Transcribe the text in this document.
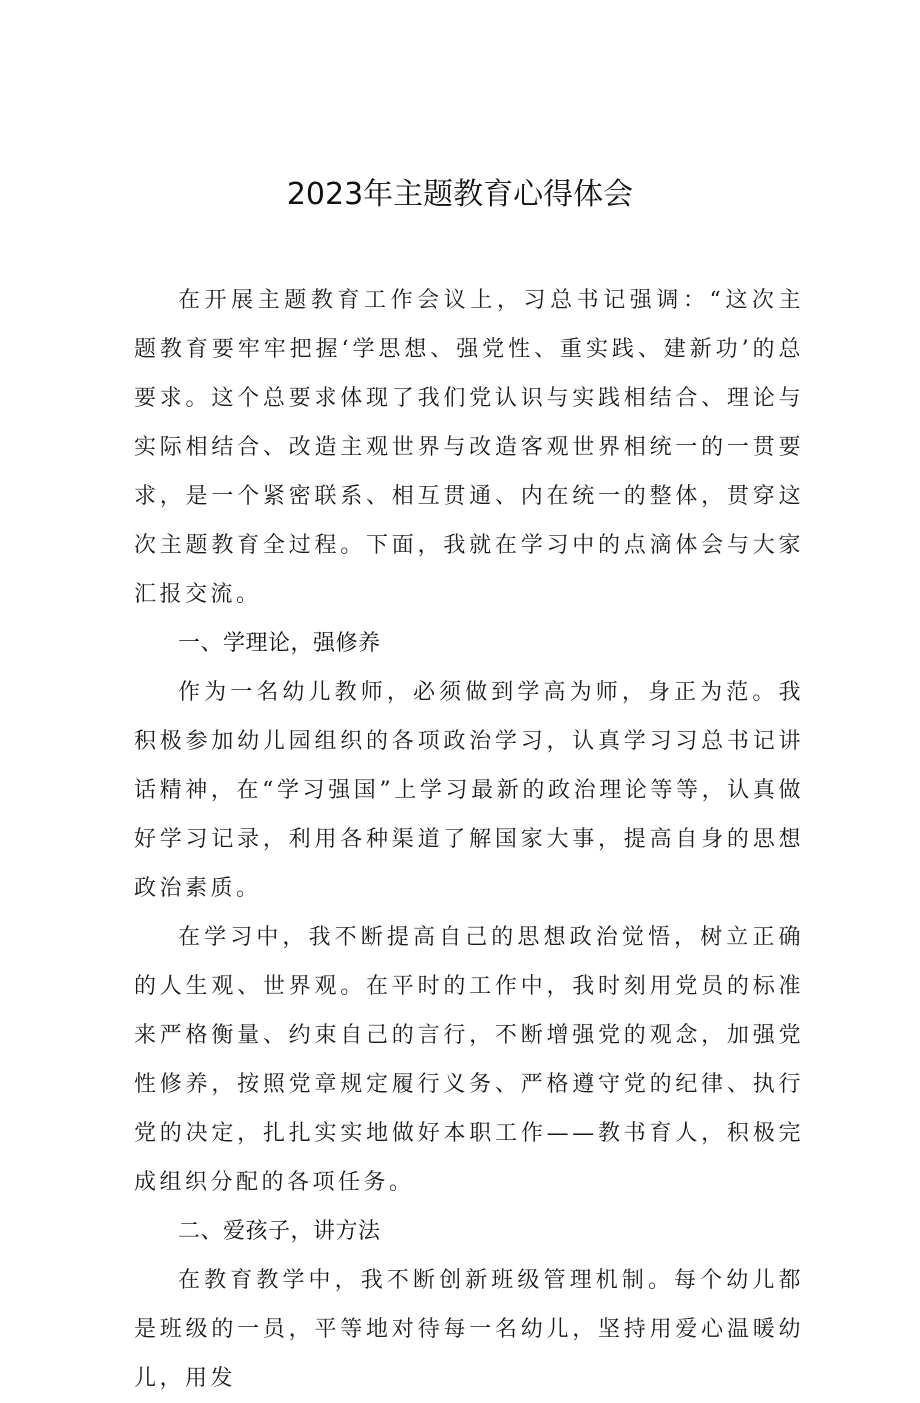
2023年主题教育心得体会

在开展主题教育工作会议上，习总书记强调：“这次主题教育要牢牢把握‘学思想、强党性、重实践、建新功’的总要求。这个总要求体现了我们党认识与实践相结合、理论与实际相结合、改造主观世界与改造客观世界相统一的一贯要求，是一个紧密联系、相互贯通、内在统一的整体，贯穿这次主题教育全过程。下面，我就在学习中的点滴体会与大家汇报交流。

一、学理论，强修养

作为一名幼儿教师，必须做到学高为师，身正为范。我积极参加幼儿园组织的各项政治学习，认真学习习总书记讲话精神，在“学习强国”上学习最新的政治理论等等，认真做好学习记录，利用各种渠道了解国家大事，提高自身的思想政治素质。

在学习中，我不断提高自己的思想政治觉悟，树立正确的人生观、世界观。在平时的工作中，我时刻用党员的标准来严格衡量、约束自己的言行，不断增强党的观念，加强党性修养，按照党章规定履行义务、严格遵守党的纪律、执行党的决定，扎扎实实地做好本职工作——教书育人，积极完成组织分配的各项任务。

二、爱孩子，讲方法

在教育教学中，我不断创新班级管理机制。每个幼儿都是班级的一员，平等地对待每一名幼儿，坚持用爱心温暖幼儿，用发
